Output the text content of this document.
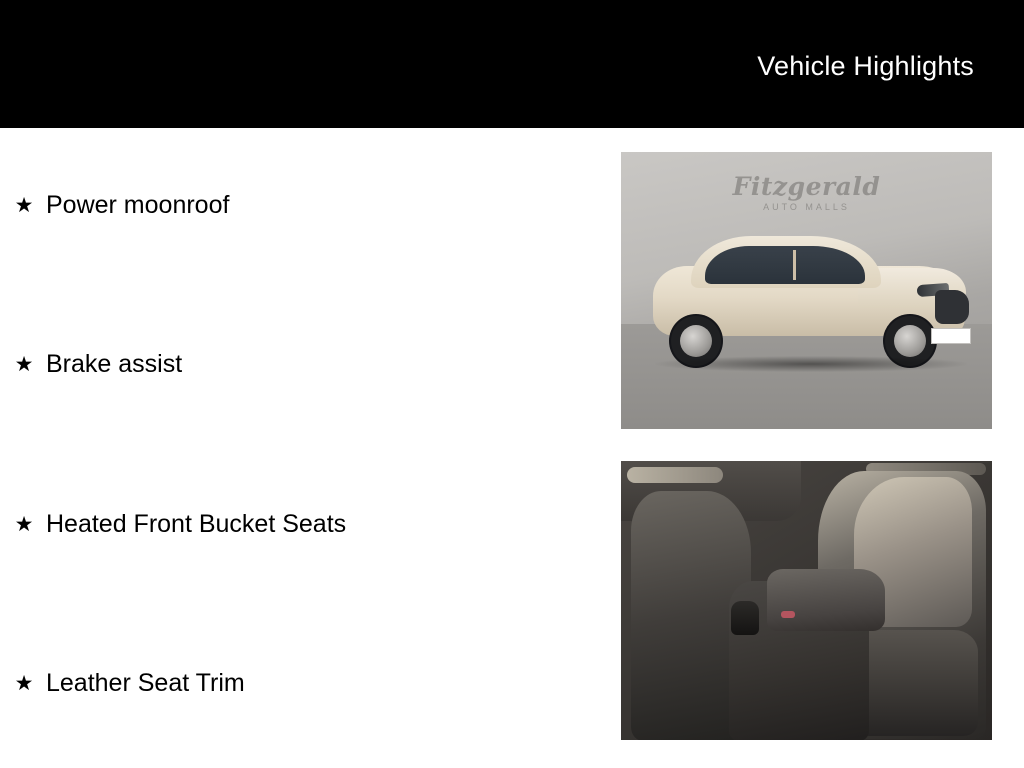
Vehicle Highlights
★ Power moonroof
★ Brake assist
★ Heated Front Bucket Seats
★ Leather Seat Trim
Fitzgerald
AUTO MALLS
